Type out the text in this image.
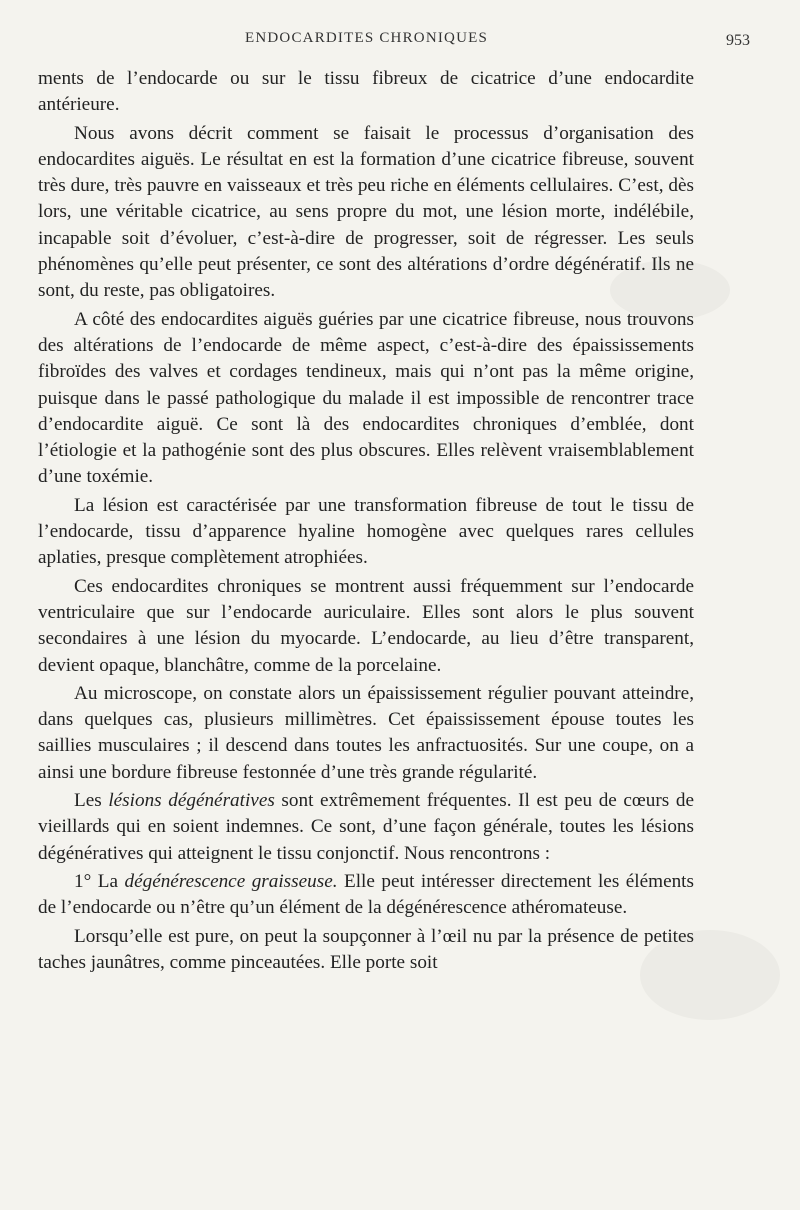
ENDOCARDITES CHRONIQUES	953

ments de l’endocarde ou sur le tissu fibreux de cicatrice d’une endocardite antérieure.

Nous avons décrit comment se faisait le processus d’organisation des endocardites aiguës. Le résultat en est la formation d’une cicatrice fibreuse, souvent très dure, très pauvre en vaisseaux et très peu riche en éléments cellulaires. C’est, dès lors, une véritable cicatrice, au sens propre du mot, une lésion morte, indélébile, incapable soit d’évoluer, c’est-à-dire de progresser, soit de régresser. Les seuls phénomènes qu’elle peut présenter, ce sont des altérations d’ordre dégénératif. Ils ne sont, du reste, pas obligatoires.

A côté des endocardites aiguës guéries par une cicatrice fibreuse, nous trouvons des altérations de l’endocarde de même aspect, c’est-à-dire des épaississements fibroïdes des valves et cordages tendineux, mais qui n’ont pas la même origine, puisque dans le passé pathologique du malade il est impossible de rencontrer trace d’endocardite aiguë. Ce sont là des endocardites chroniques d’emblée, dont l’étiologie et la pathogénie sont des plus obscures. Elles relèvent vraisemblablement d’une toxémie.

La lésion est caractérisée par une transformation fibreuse de tout le tissu de l’endocarde, tissu d’apparence hyaline homogène avec quelques rares cellules aplaties, presque complètement atrophiées.

Ces endocardites chroniques se montrent aussi fréquemment sur l’endocarde ventriculaire que sur l’endocarde auriculaire. Elles sont alors le plus souvent secondaires à une lésion du myocarde. L’endocarde, au lieu d’être transparent, devient opaque, blanchâtre, comme de la porcelaine.

Au microscope, on constate alors un épaississement régulier pouvant atteindre, dans quelques cas, plusieurs millimètres. Cet épaississement épouse toutes les saillies musculaires ; il descend dans toutes les anfractuosités. Sur une coupe, on a ainsi une bordure fibreuse festonnée d’une très grande régularité.

Les lésions dégénératives sont extrêmement fréquentes. Il est peu de cœurs de vieillards qui en soient indemnes. Ce sont, d’une façon générale, toutes les lésions dégénératives qui atteignent le tissu conjonctif. Nous rencontrons :

1° La dégénérescence graisseuse. Elle peut intéresser directement les éléments de l’endocarde ou n’être qu’un élément de la dégénérescence athéromateuse.

Lorsqu’elle est pure, on peut la soupçonner à l’œil nu par la présence de petites taches jaunâtres, comme pinceautées. Elle porte soit
